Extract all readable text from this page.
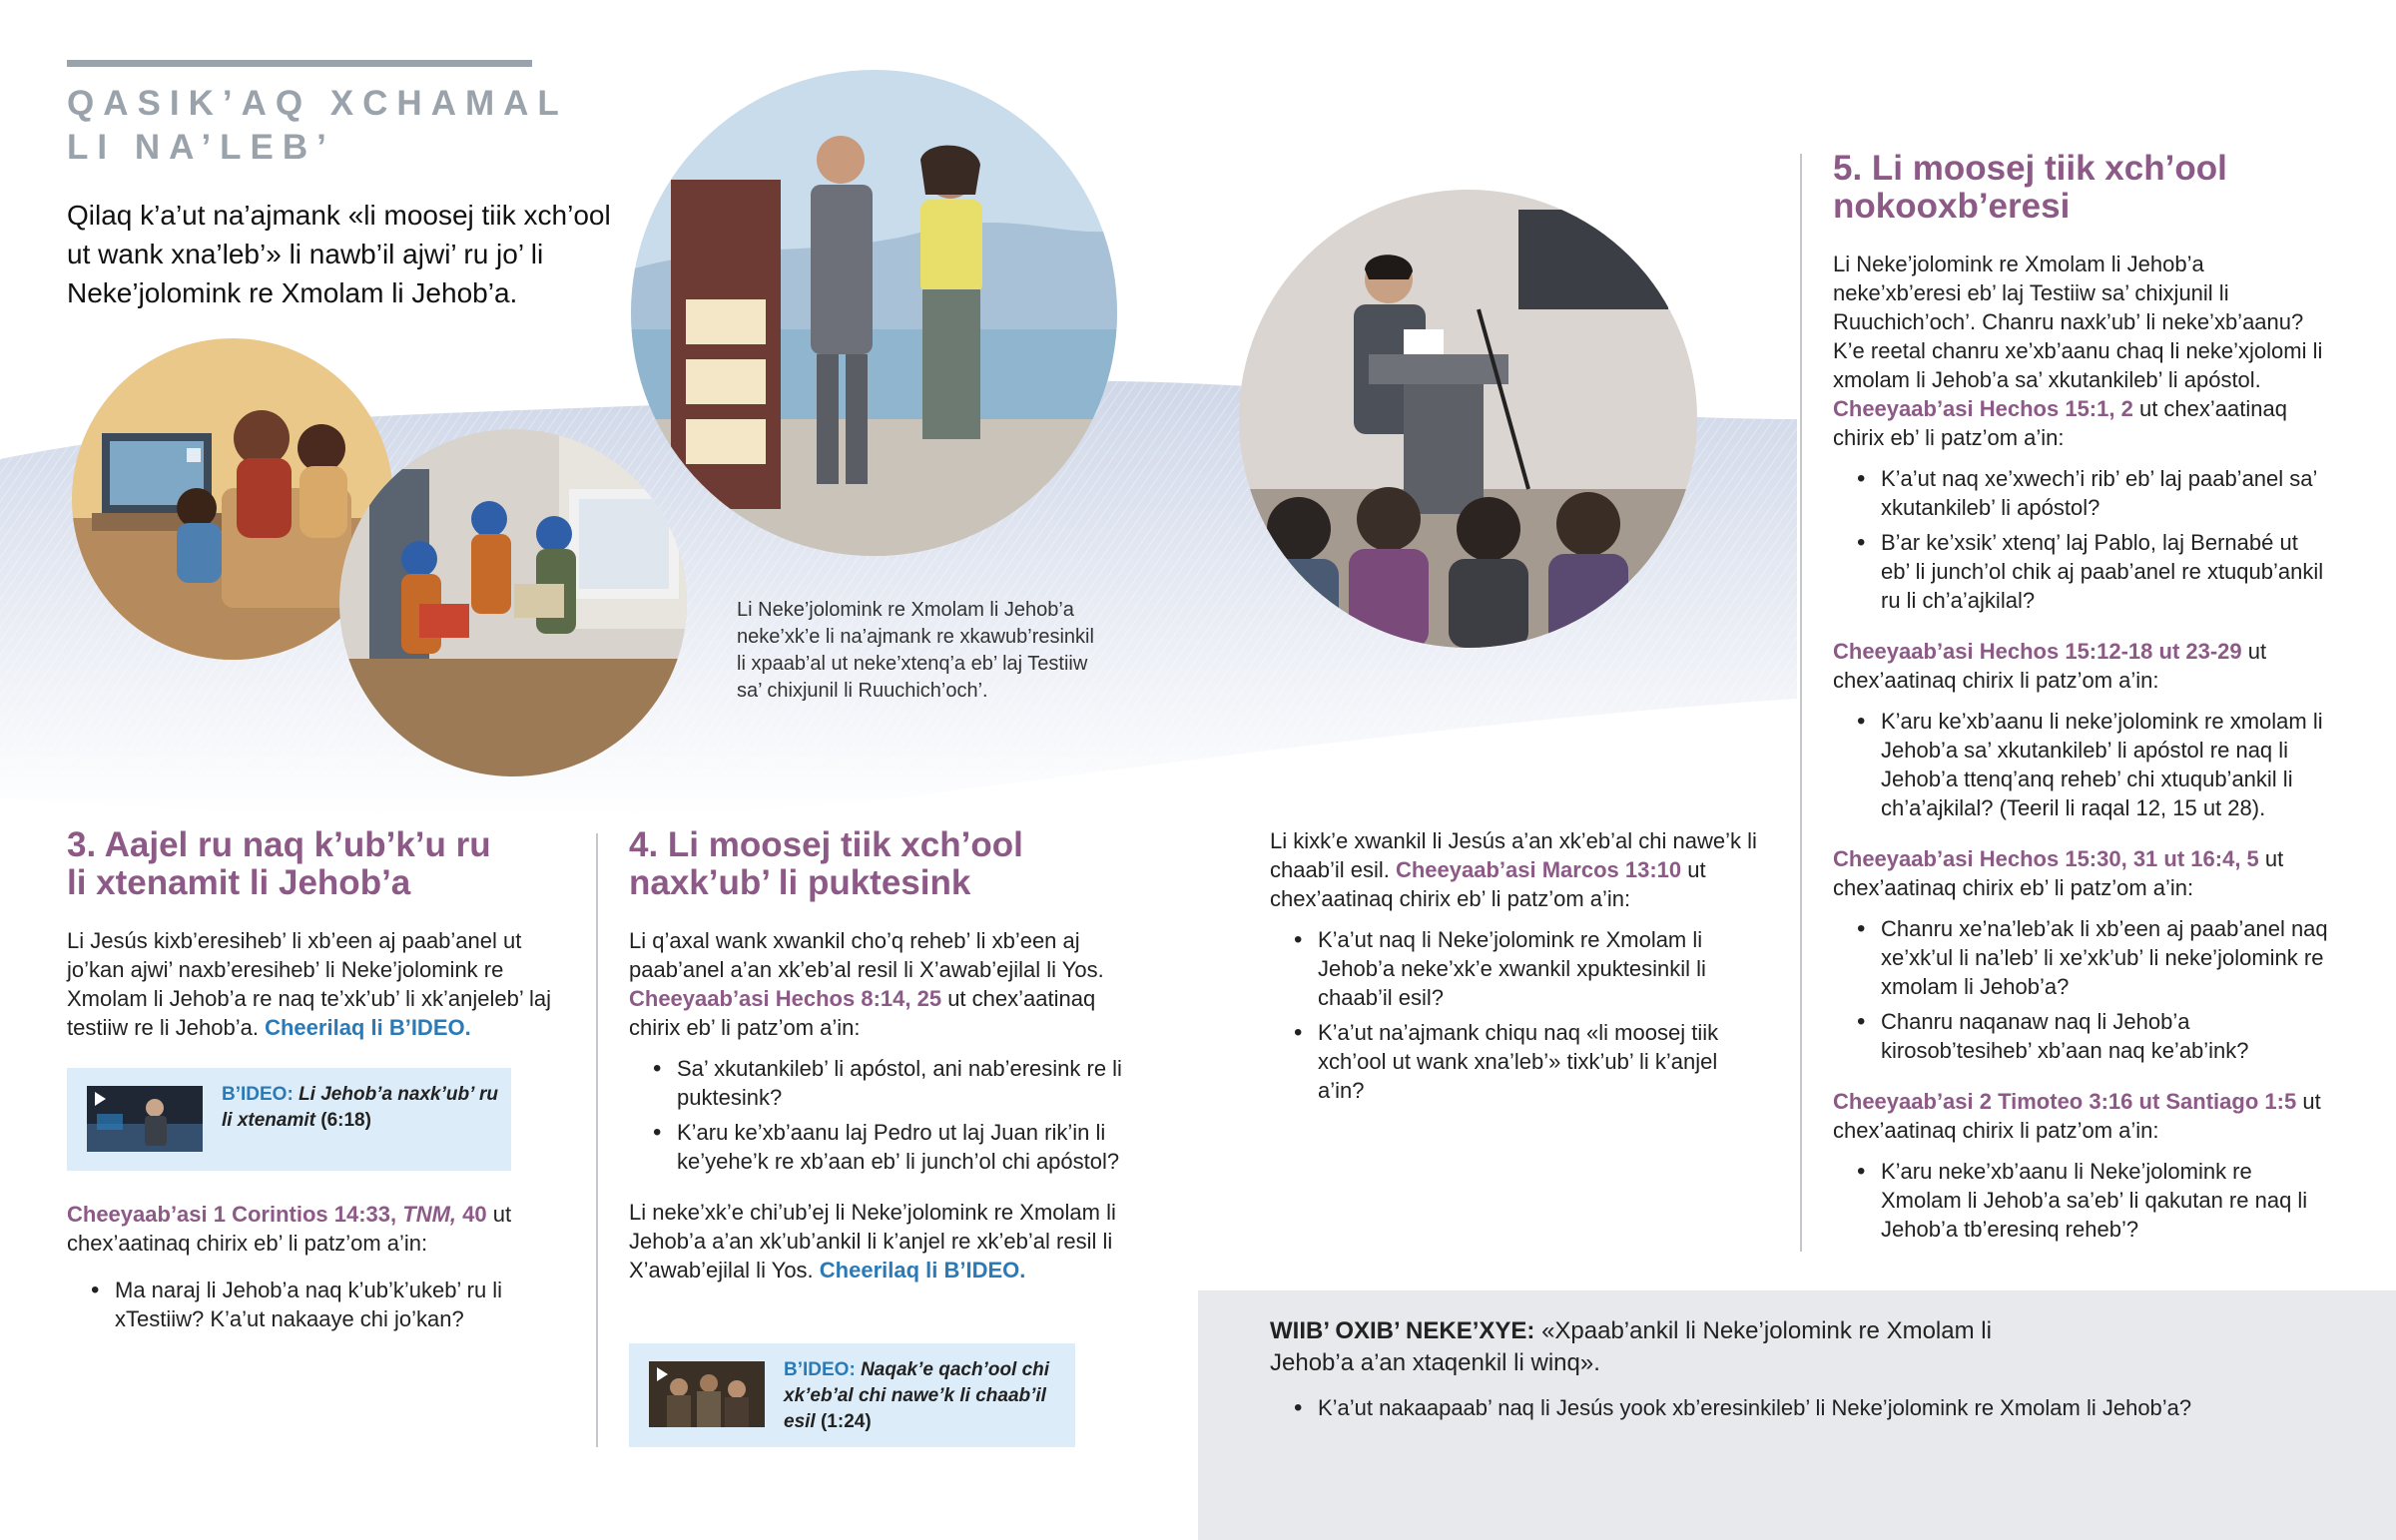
QASIK’AQ XCHAMAL
LI NA’LEB’
Qilaq k’a’ut na’ajmank «li moosej tiik xch’ool ut wank xna’leb’» li nawb’il ajwi’ ru jo’ li Neke’jolomink re Xmolam li Jehob’a.
Li Neke’jolomink re Xmolam li Jehob’a neke’xk’e li na’ajmank re xkawub’resinkil li xpaab’al ut neke’xtenq’a eb’ laj Testiiw sa’ chixjunil li Ruuchich’och’.
3. Aajel ru naq k’ub’k’u ru
li xtenamit li Jehob’a

Li Jesús kixb’eresiheb’ li xb’een aj paab’anel ut jo’kan ajwi’ naxb’eresiheb’ li Neke’jolomink re Xmolam li Jehob’a re naq te’xk’ub’ li xk’anjeleb’ laj testiiw re li Jehob’a. Cheerilaq li B’IDEO.

B’IDEO: Li Jehob’a naxk’ub’ ru
li xtenamit (6:18)

Cheeyaab’asi 1 Corintios 14:33, TNM, 40 ut chex’aatinaq chirix eb’ li patz’om a’in:

• Ma naraj li Jehob’a naq k’ub’k’ukeb’ ru li xTestiiw? K’a’ut nakaaye chi jo’kan?
4. Li moosej tiik xch’ool
naxk’ub’ li puktesink

Li q’axal wank xwankil cho’q reheb’ li xb’een aj paab’anel a’an xk’eb’al resil li X’awab’ejilal li Yos. Cheeyaab’asi Hechos 8:14, 25 ut chex’aatinaq chirix eb’ li patz’om a’in:

• Sa’ xkutankileb’ li apóstol, ani nab’eresink re li puktesink?
• K’aru ke’xb’aanu laj Pedro ut laj Juan rik’in li ke’yehe’k re xb’aan eb’ li junch’ol chi apóstol?

Li neke’xk’e chi’ub’ej li Neke’jolomink re Xmolam li Jehob’a a’an xk’ub’ankil li k’anjel re xk’eb’al resil li X’awab’ejilal li Yos. Cheerilaq li B’IDEO.

B’IDEO: Naqak’e qach’ool chi
xk’eb’al chi nawe’k li chaab’il
esil (1:24)

Li kixk’e xwankil li Jesús a’an xk’eb’al chi nawe’k li chaab’il esil. Cheeyaab’asi Marcos 13:10 ut chex’aatinaq chirix eb’ li patz’om a’in:

• K’a’ut naq li Neke’jolomink re Xmolam li Jehob’a neke’xk’e xwankil xpuktesinkil li chaab’il esil?
• K’a’ut na’ajmank chiqu naq «li moosej tiik xch’ool ut wank xna’leb’» tixk’ub’ li k’anjel a’in?
5. Li moosej tiik xch’ool
nokooxb’eresi

Li Neke’jolomink re Xmolam li Jehob’a neke’xb’eresi eb’ laj Testiiw sa’ chixjunil li Ruuchich’och’. Chanru naxk’ub’ li neke’xb’aanu? K’e reetal chanru xe’xb’aanu chaq li neke’xjolomi li xmolam li Jehob’a sa’ xkutankileb’ li apóstol. Cheeyaab’asi Hechos 15:1, 2 ut chex’aatinaq chirix eb’ li patz’om a’in:

• K’a’ut naq xe’xwech’i rib’ eb’ laj paab’anel sa’ xkutankileb’ li apóstol?
• B’ar ke’xsik’ xtenq’ laj Pablo, laj Bernabé ut eb’ li junch’ol chik aj paab’anel re xtuqub’ankil ru li ch’a’ajkilal?

Cheeyaab’asi Hechos 15:12-18 ut 23-29 ut chex’aatinaq chirix li patz’om a’in:

• K’aru ke’xb’aanu li neke’jolomink re xmolam li Jehob’a sa’ xkutankileb’ li apóstol re naq li Jehob’a ttenq’anq reheb’ chi xtuqub’ankil li ch’a’ajkilal? (Teeril li raqal 12, 15 ut 28).

Cheeyaab’asi Hechos 15:30, 31 ut 16:4, 5 ut chex’aatinaq chirix eb’ li patz’om a’in:

• Chanru xe’na’leb’ak li xb’een aj paab’anel naq xe’xk’ul li na’leb’ li xe’xk’ub’ li neke’jolomink re xmolam li Jehob’a?
• Chanru naqanaw naq li Jehob’a kirosob’tesiheb’ xb’aan naq ke’ab’ink?

Cheeyaab’asi 2 Timoteo 3:16 ut Santiago 1:5 ut chex’aatinaq chirix li patz’om a’in:

• K’aru neke’xb’aanu li Neke’jolomink re Xmolam li Jehob’a sa’eb’ li qakutan re naq li Jehob’a tb’eresinq reheb’?

WIIB’ OXIB’ NEKE’XYE: «Xpaab’ankil li Neke’jolomink re Xmolam li Jehob’a a’an xtaqenkil li winq».

• K’a’ut nakaapaab’ naq li Jesús yook xb’eresinkileb’ li Neke’jolomink re Xmolam li Jehob’a?
